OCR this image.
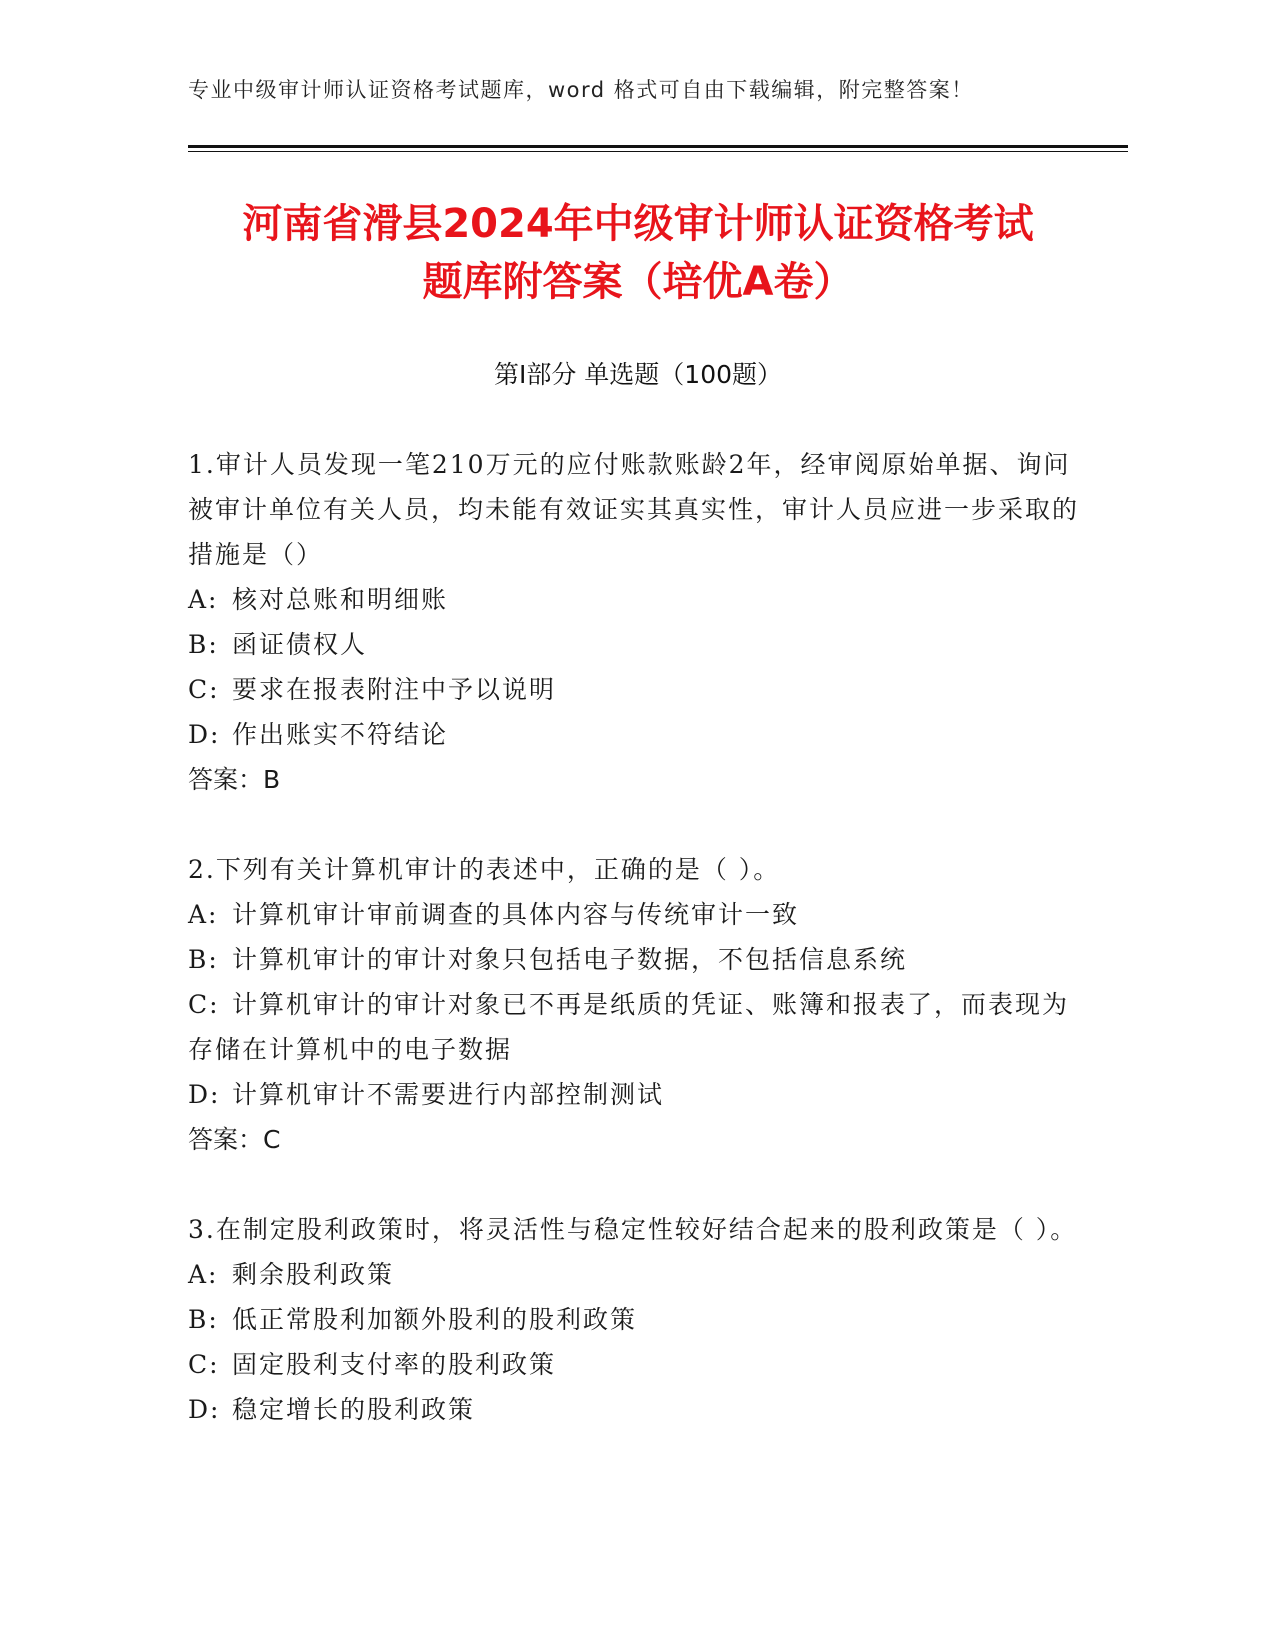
专业中级审计师认证资格考试题库，word 格式可自由下载编辑，附完整答案！
河南省滑县2024年中级审计师认证资格考试
题库附答案（培优A卷）
第Ⅰ部分 单选题（100题）

1.审计人员发现一笔210万元的应付账款账龄2年，经审阅原始单据、询问被审计单位有关人员，均未能有效证实其真实性，审计人员应进一步采取的措施是（）

A: 核对总账和明细账

B: 函证债权人

C: 要求在报表附注中予以说明

D: 作出账实不符结论

答案：B

2.下列有关计算机审计的表述中，正确的是（ ）。

A: 计算机审计审前调查的具体内容与传统审计一致

B: 计算机审计的审计对象只包括电子数据，不包括信息系统

C: 计算机审计的审计对象已不再是纸质的凭证、账簿和报表了，而表现为存储在计算机中的电子数据

D: 计算机审计不需要进行内部控制测试

答案：C

3.在制定股利政策时，将灵活性与稳定性较好结合起来的股利政策是（ ）。

A: 剩余股利政策

B: 低正常股利加额外股利的股利政策

C: 固定股利支付率的股利政策

D: 稳定增长的股利政策
